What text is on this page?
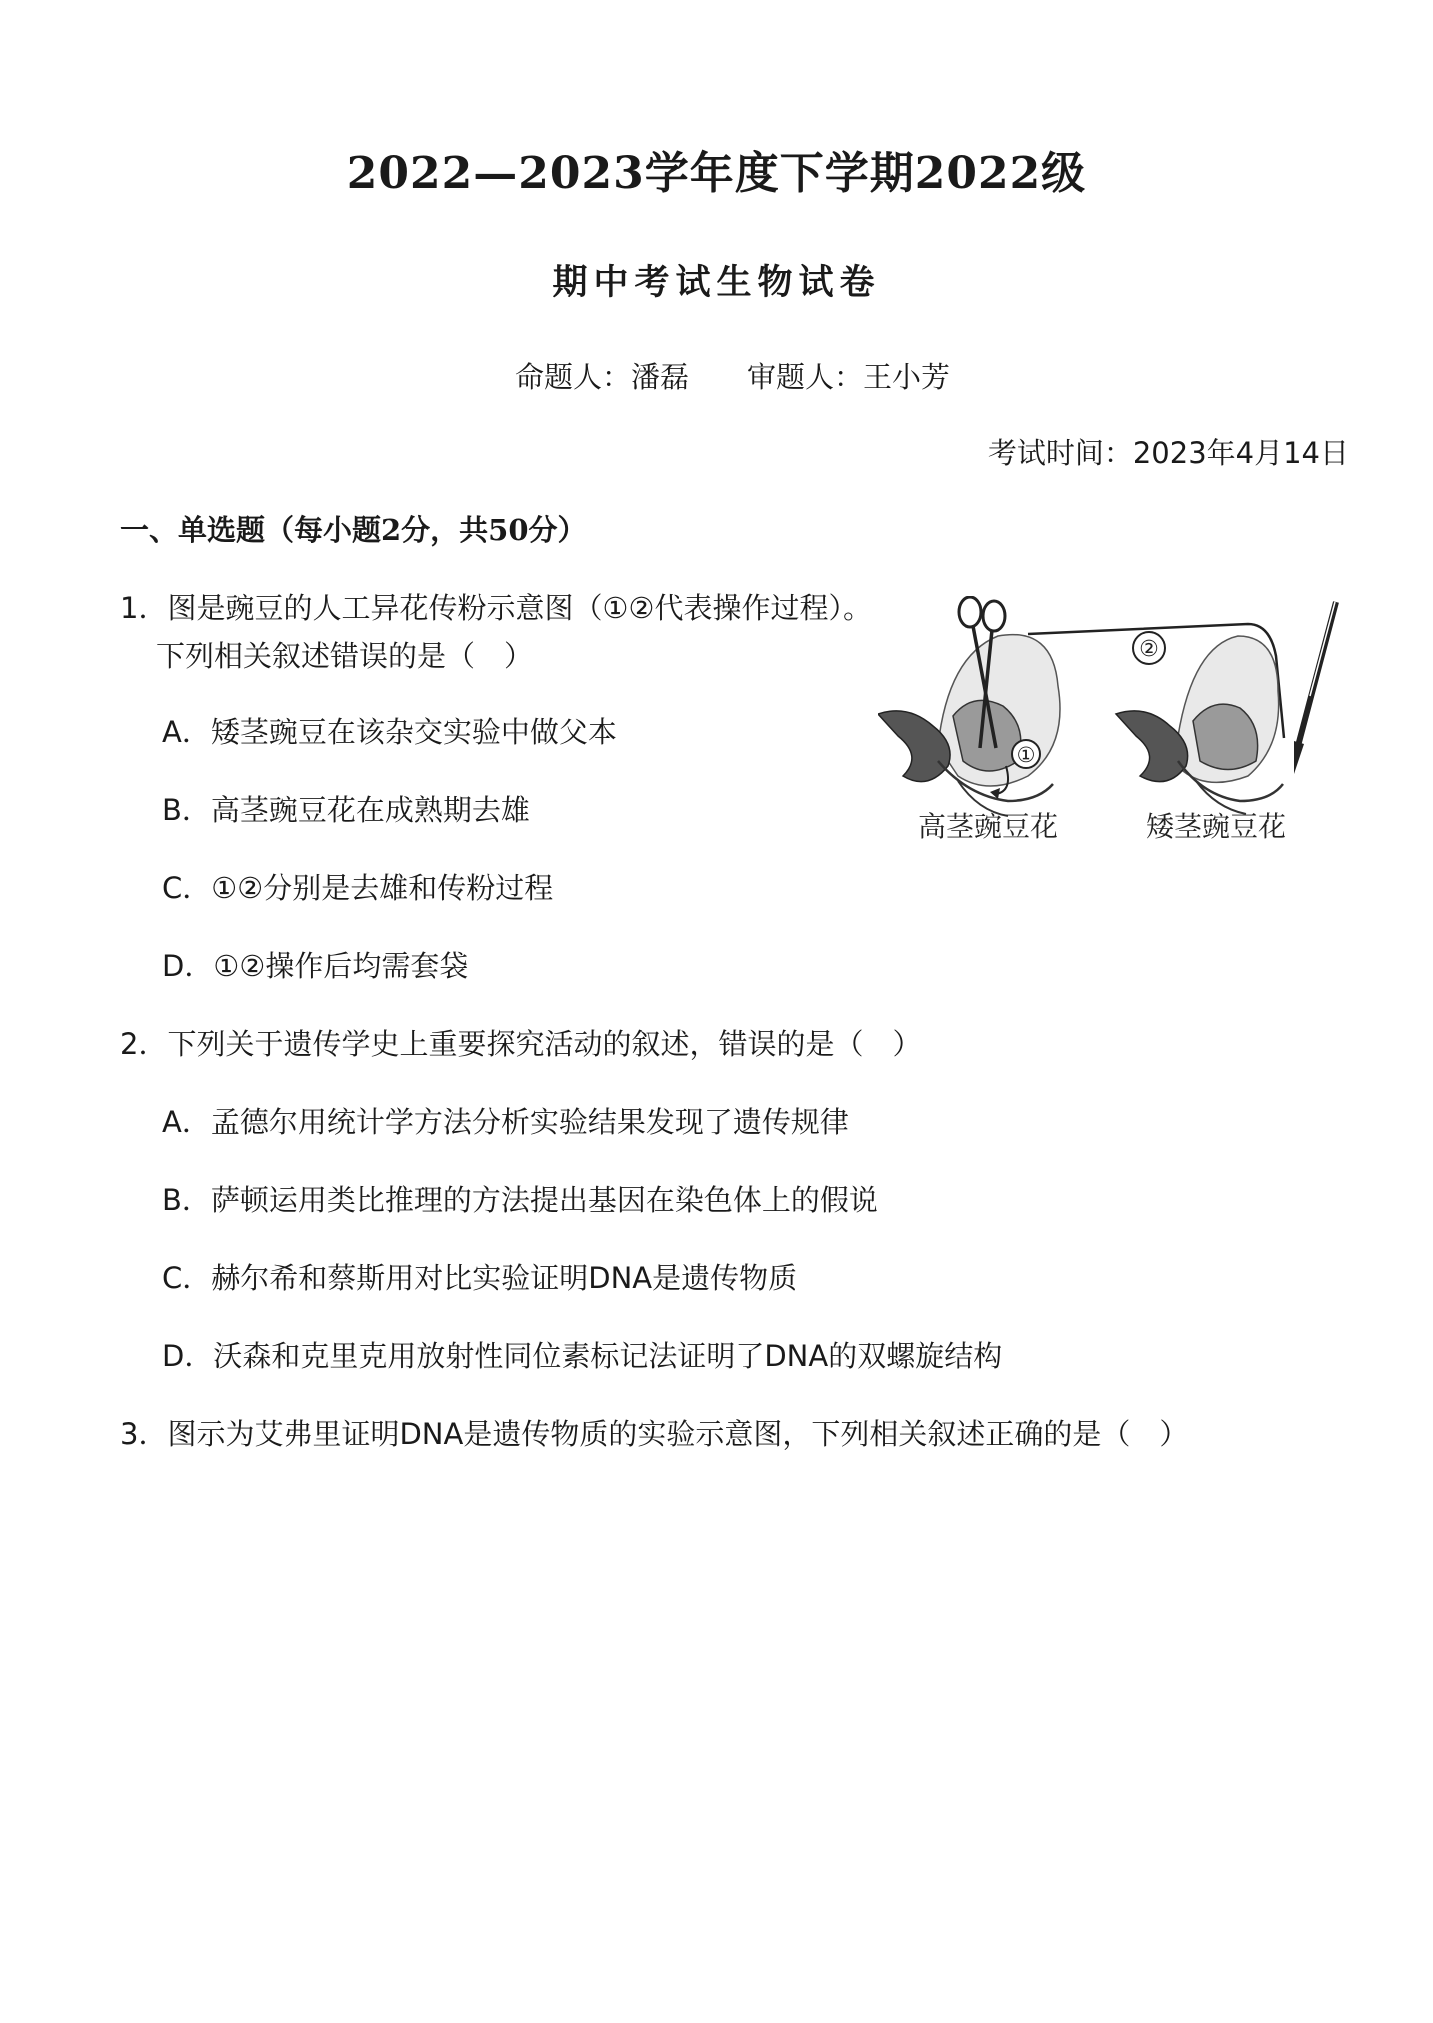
2022—2023学年度下学期2022级
期中考试生物试卷
命题人：潘磊 审题人：王小芳
考试时间：2023年4月14日
一、单选题（每小题2分，共50分）
1．图是豌豆的人工异花传粉示意图（①②代表操作过程）。
下列相关叙述错误的是（　）
A．矮茎豌豆在该杂交实验中做父本
B．高茎豌豆花在成熟期去雄
C．①②分别是去雄和传粉过程
D．①②操作后均需套袋
①
②
高茎豌豆花	矮茎豌豆花
2．下列关于遗传学史上重要探究活动的叙述，错误的是（　）
A．孟德尔用统计学方法分析实验结果发现了遗传规律
B．萨顿运用类比推理的方法提出基因在染色体上的假说
C．赫尔希和蔡斯用对比实验证明DNA是遗传物质
D．沃森和克里克用放射性同位素标记法证明了DNA的双螺旋结构
3．图示为艾弗里证明DNA是遗传物质的实验示意图，下列相关叙述正确的是（　）
